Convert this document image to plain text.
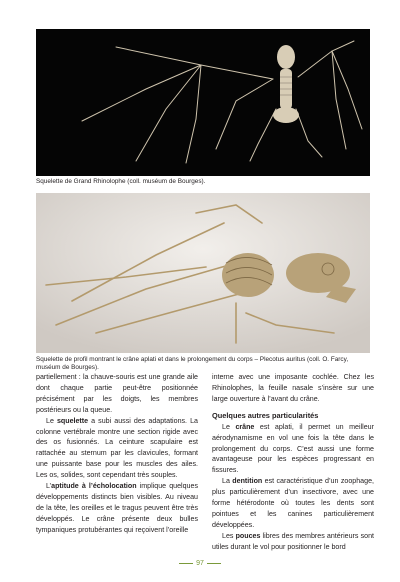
Squelette de Grand Rhinolophe (coll. muséum de Bourges).
Squelette de profil montrant le crâne aplati et dans le prolongement du corps – Plecotus auritus (coll. O. Farcy, muséum de Bourges).

partiellement : la chauve-souris est une grande aile dont chaque partie peut-être positionnée précisément par les doigts, les membres postérieurs ou la queue.

Le squelette a subi aussi des adaptations. La colonne vertébrale montre une section rigide avec des os fusionnés. La ceinture scapulaire est rattachée au sternum par les clavicules, formant une puissante base pour les muscles des ailes. Les os, solides, sont cependant très souples.

L’aptitude à l’écholocation implique quelques développements distincts bien visibles. Au niveau de la tête, les oreilles et le tragus peuvent être très développés. Le crâne présente deux bulles tympaniques protubérantes qui reçoivent l’oreille

interne avec une imposante cochlée. Chez les Rhinolophes, la feuille nasale s’insère sur une large ouverture à l’avant du crâne.

Quelques autres particularités

Le crâne est aplati, il permet un meilleur aérodynamisme en vol une fois la tête dans le prolongement du corps. C’est aussi une forme avantageuse pour les espèces progressant en fissures.

La dentition est caractéristique d’un zoophage, plus particulièrement d’un insectivore, avec une forme hétérodonte où toutes les dents sont pointues et les canines particulièrement développées.

Les pouces libres des membres antérieurs sont utiles durant le vol pour positionner le bord

97
